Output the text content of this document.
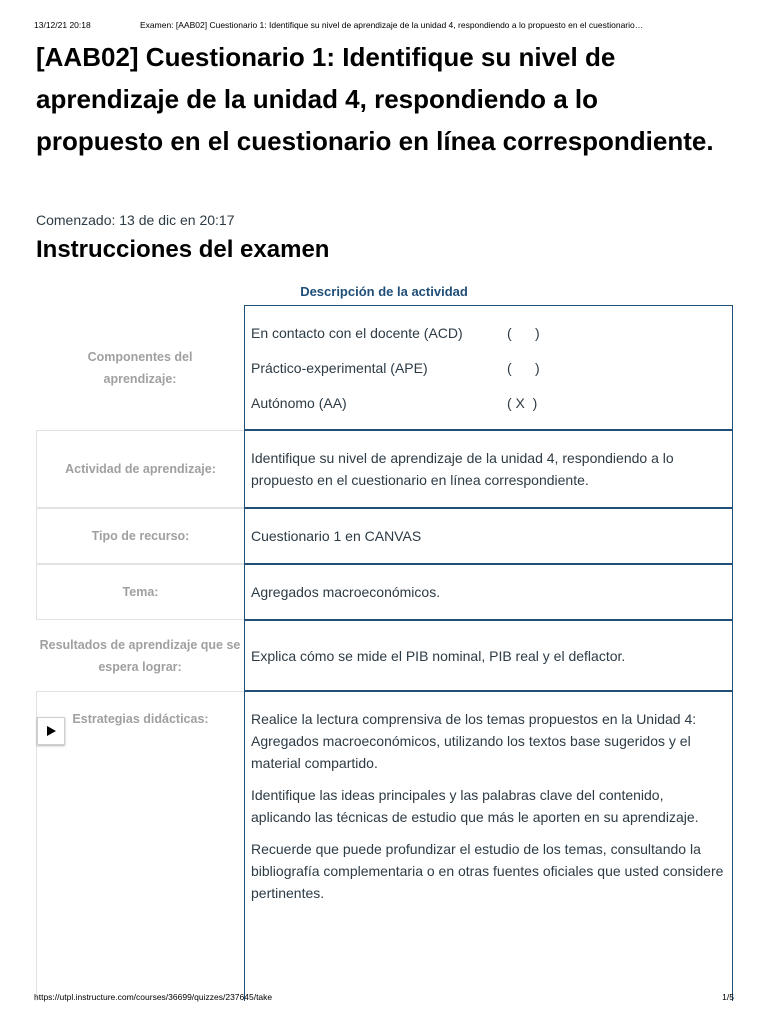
13/12/21 20:18	Examen: [AAB02] Cuestionario 1: Identifique su nivel de aprendizaje de la unidad 4, respondiendo a lo propuesto en el cuestionario…
[AAB02] Cuestionario 1: Identifique su nivel de aprendizaje de la unidad 4, respondiendo a lo propuesto en el cuestionario en línea correspondiente.
Comenzado: 13 de dic en 20:17
Instrucciones del examen
Descripción de la actividad
Componentes del aprendizaje:
En contacto con el docente (ACD)	(      )
Práctico-experimental (APE)	(      )
Autónomo (AA)	( X  )
Actividad de aprendizaje:
Identifique su nivel de aprendizaje de la unidad 4, respondiendo a lo propuesto en el cuestionario en línea correspondiente.
Tipo de recurso:	Cuestionario 1 en CANVAS
Tema:	Agregados macroeconómicos.
Resultados de aprendizaje que se espera lograr:
Explica cómo se mide el PIB nominal, PIB real y el deflactor.
Estrategias didácticas:	Realice la lectura comprensiva de los temas propuestos en la Unidad 4: Agregados macroeconómicos, utilizando los textos base sugeridos y el material compartido.

Identifique las ideas principales y las palabras clave del contenido, aplicando las técnicas de estudio que más le aporten en su aprendizaje.

Recuerde que puede profundizar el estudio de los temas, consultando la bibliografía complementaria o en otras fuentes oficiales que usted considere pertinentes.

https://utpl.instructure.com/courses/36699/quizzes/237645/take	1/5
